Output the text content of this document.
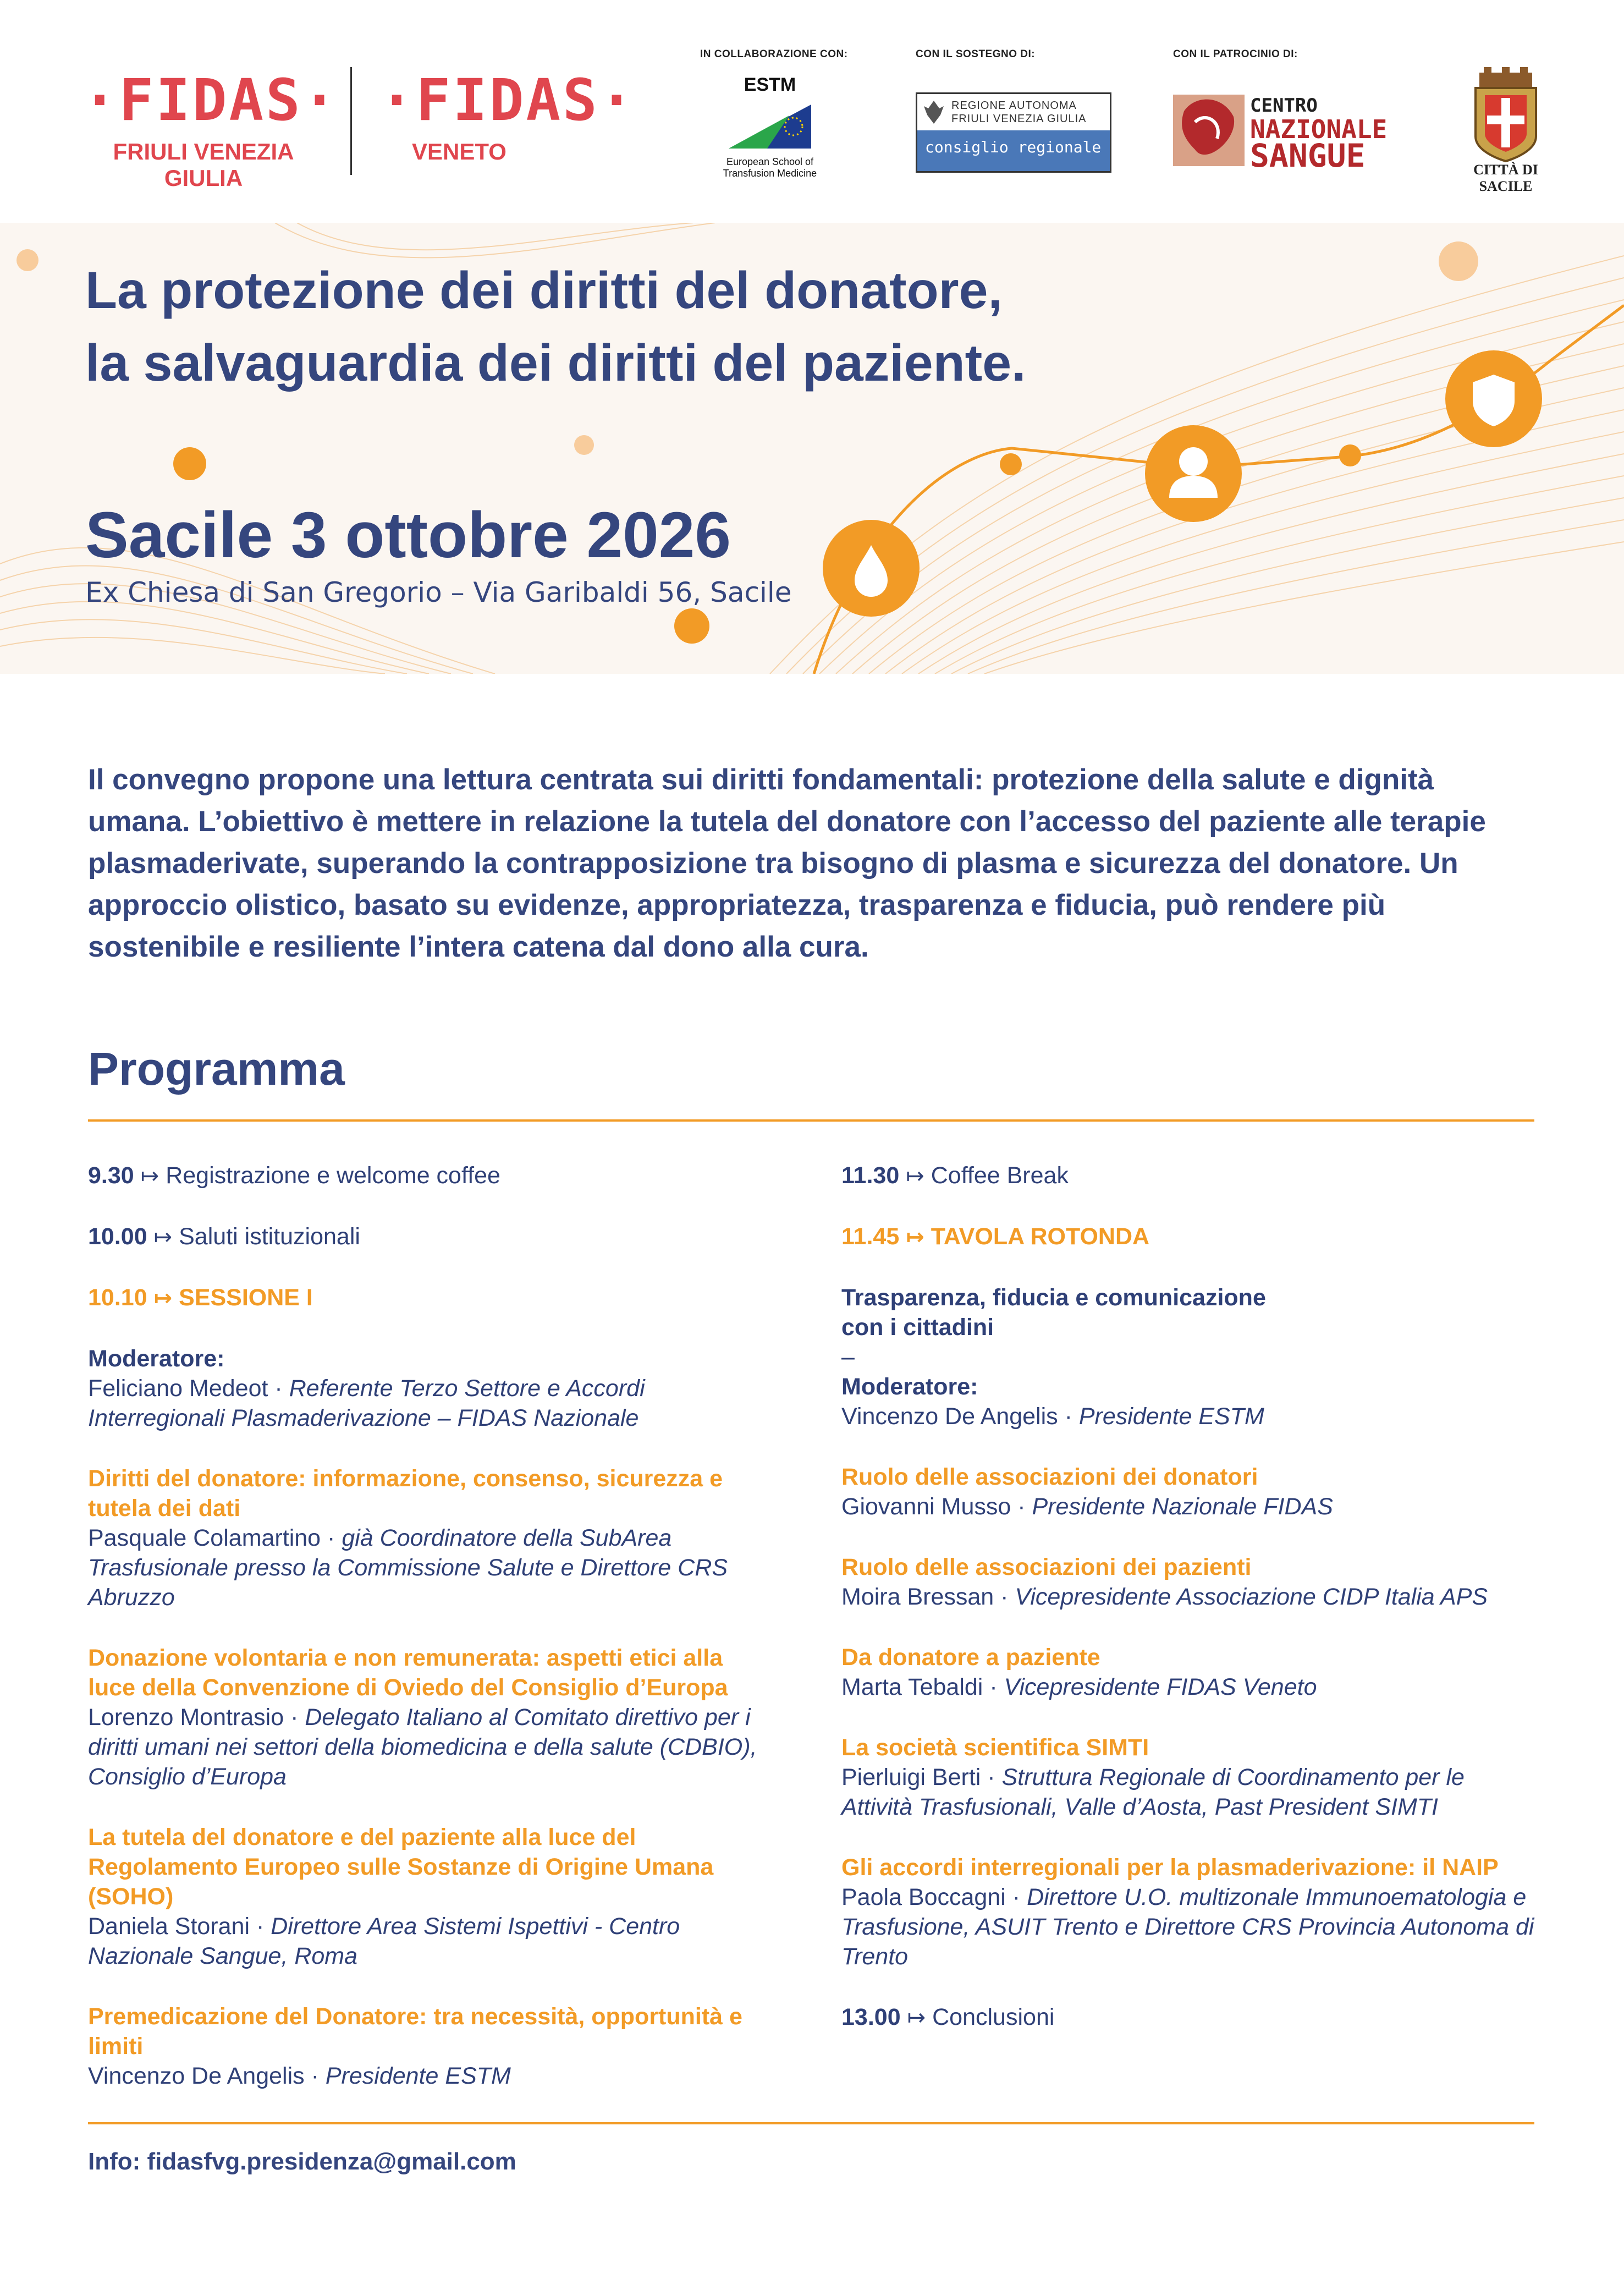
·FIDAS·
FRIULI VENEZIA GIULIA
·FIDAS·
VENETO
IN COLLABORAZIONE CON:	CON IL SOSTEGNO DI:	CON IL PATROCINIO DI:
ESTM
European School of
Transfusion Medicine
REGIONE AUTONOMA
FRIULI VENEZIA GIULIA
consiglio regionale
CENTRO
NAZIONALE
SANGUE	CITTÀ DI SACILE
La protezione dei diritti del donatore,
la salvaguardia dei diritti del paziente.
Sacile 3 ottobre 2026
Ex Chiesa di San Gregorio – Via Garibaldi 56, Sacile
Il convegno propone una lettura centrata sui diritti fondamentali: protezione della salute e dignità umana. L’obiettivo è mettere in relazione la tutela del donatore con l’accesso del paziente alle terapie plasmaderivate, superando la contrapposizione tra bisogno di plasma e sicurezza del donatore. Un approccio olistico, basato su evidenze, appropriatezza, trasparenza e fiducia, può rendere più sostenibile e resiliente l’intera catena dal dono alla cura.
Programma
9.30 ↦ Registrazione e welcome coffee
10.00 ↦ Saluti istituzionali
10.10 ↦ SESSIONE I
Moderatore:
Feliciano Medeot · Referente Terzo Settore e Accordi Interregionali Plasmaderivazione – FIDAS Nazionale
Diritti del donatore: informazione, consenso, sicurezza e tutela dei dati
Pasquale Colamartino · già Coordinatore della SubArea Trasfusionale presso la Commissione Salute e Direttore CRS Abruzzo
Donazione volontaria e non remunerata: aspetti etici alla luce della Convenzione di Oviedo del Consiglio d’Europa
Lorenzo Montrasio · Delegato Italiano al Comitato direttivo per i diritti umani nei settori della biomedicina e della salute (CDBIO), Consiglio d’Europa
La tutela del donatore e del paziente alla luce del Regolamento Europeo sulle Sostanze di Origine Umana (SOHO)
Daniela Storani · Direttore Area Sistemi Ispettivi - Centro Nazionale Sangue, Roma
Premedicazione del Donatore: tra necessità, opportunità e limiti
Vincenzo De Angelis · Presidente ESTM
11.30 ↦ Coffee Break
11.45 ↦ TAVOLA ROTONDA
Trasparenza, fiducia e comunicazione con i cittadini
–
Moderatore:
Vincenzo De Angelis · Presidente ESTM
Ruolo delle associazioni dei donatori
Giovanni Musso · Presidente Nazionale FIDAS
Ruolo delle associazioni dei pazienti
Moira Bressan · Vicepresidente Associazione CIDP Italia APS
Da donatore a paziente
Marta Tebaldi · Vicepresidente FIDAS Veneto
La società scientifica SIMTI
Pierluigi Berti · Struttura Regionale di Coordinamento per le Attività Trasfusionali, Valle d’Aosta, Past President SIMTI
Gli accordi interregionali per la plasmaderivazione: il NAIP
Paola Boccagni · Direttore U.O. multizonale Immunoematologia e Trasfusione, ASUIT Trento e Direttore CRS Provincia Autonoma di Trento
13.00 ↦ Conclusioni
Info: fidasfvg.presidenza@gmail.com
